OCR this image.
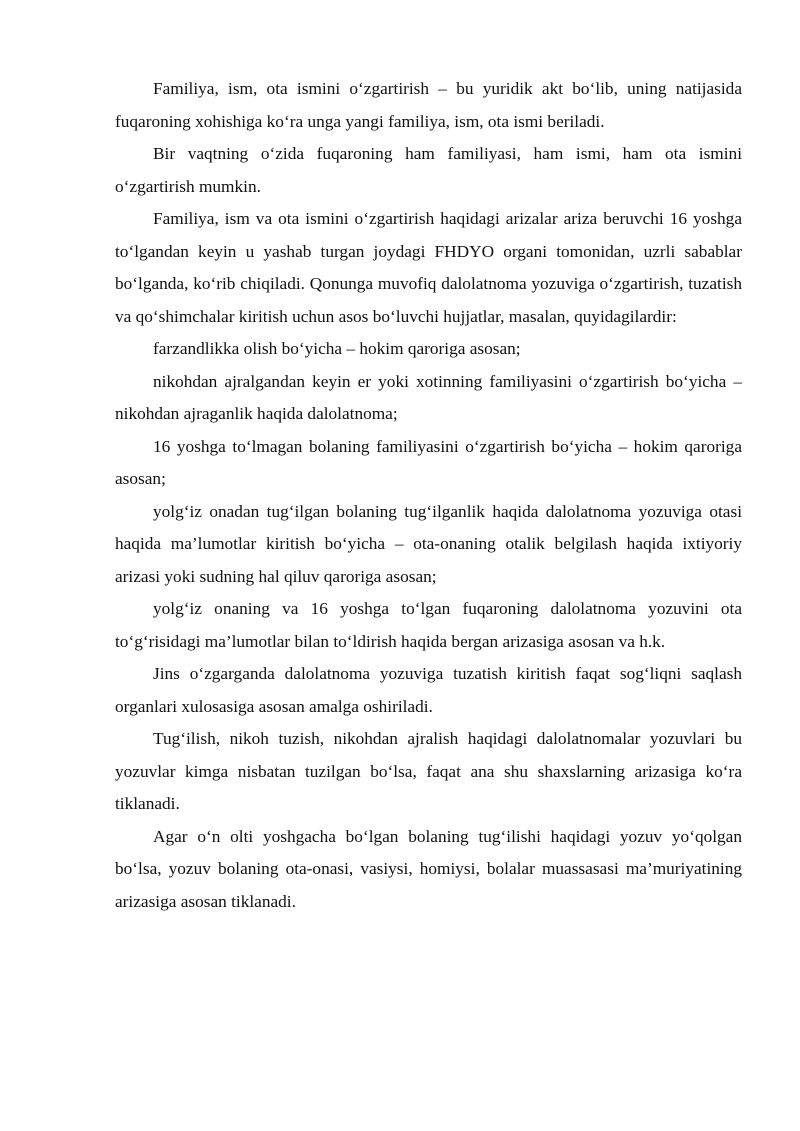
Familiya, ism, ota ismini o‘zgartirish – bu yuridik akt bo‘lib, uning natijasida fuqaroning xohishiga ko‘ra unga yangi familiya, ism, ota ismi beriladi.

Bir vaqtning o‘zida fuqaroning ham familiyasi, ham ismi, ham ota ismini o‘zgartirish mumkin.

Familiya, ism va ota ismini o‘zgartirish haqidagi arizalar ariza beruvchi 16 yoshga to‘lgandan keyin u yashab turgan joydagi FHDYO organi tomonidan, uzrli sabablar bo‘lganda, ko‘rib chiqiladi. Qonunga muvofiq dalolatnoma yozuviga o‘zgartirish, tuzatish va qo‘shimchalar kiritish uchun asos bo‘luvchi hujjatlar, masalan, quyidagilardir:

farzandlikka olish bo‘yicha – hokim qarorig‌a asosan;

nikohdan ajralgandan keyin er yoki xotinning familiyasini o‘zgartirish bo‘yicha – nikohdan ajraganlik haqida dalolatnoma;

16 yoshga to‘lmagan bolaning familiyasini o‘zgartirish bo‘yicha – hokim qaroriga asosan;

yolg‘iz onadan tug‘ilgan bolaning tug‘ilganlik haqida dalolatnoma yozuviga otasi haqida ma’lumotlar kiritish bo‘yicha – ota-onaning otalik belgilash haqida ixtiyoriy arizasi yoki sudning hal qiluv qaroriga asosan;

yolg‘iz onaning va 16 yoshga to‘lgan fuqaroning dalolatnoma yozuvini ota to‘g‘risidagi ma’lumotlar bilan to‘ldirish haqida bergan arizasiga asosan va h.k.

Jins o‘zgarganda dalolatnoma yozuviga tuzatish kiritish faqat sog‘liqni saqlash organlari xulosasiga asosan amalga oshiriladi.

Tug‘ilish, nikoh tuzish, nikohdan ajralish haqidagi dalolatnomalar yozuvlari bu yozuvlar kimga nisbatan tuzilgan bo‘lsa, faqat ana shu shaxslarning arizasiga ko‘ra tiklanadi.

Agar o‘n olti yoshgacha bo‘lgan bolaning tug‘ilishi haqidagi yozuv yo‘qolgan bo‘lsa, yozuv bolaning ota-onasi, vasiysi, homiysi, bolalar muassasasi ma’muriyatining arizasiga asosan tiklanadi.
